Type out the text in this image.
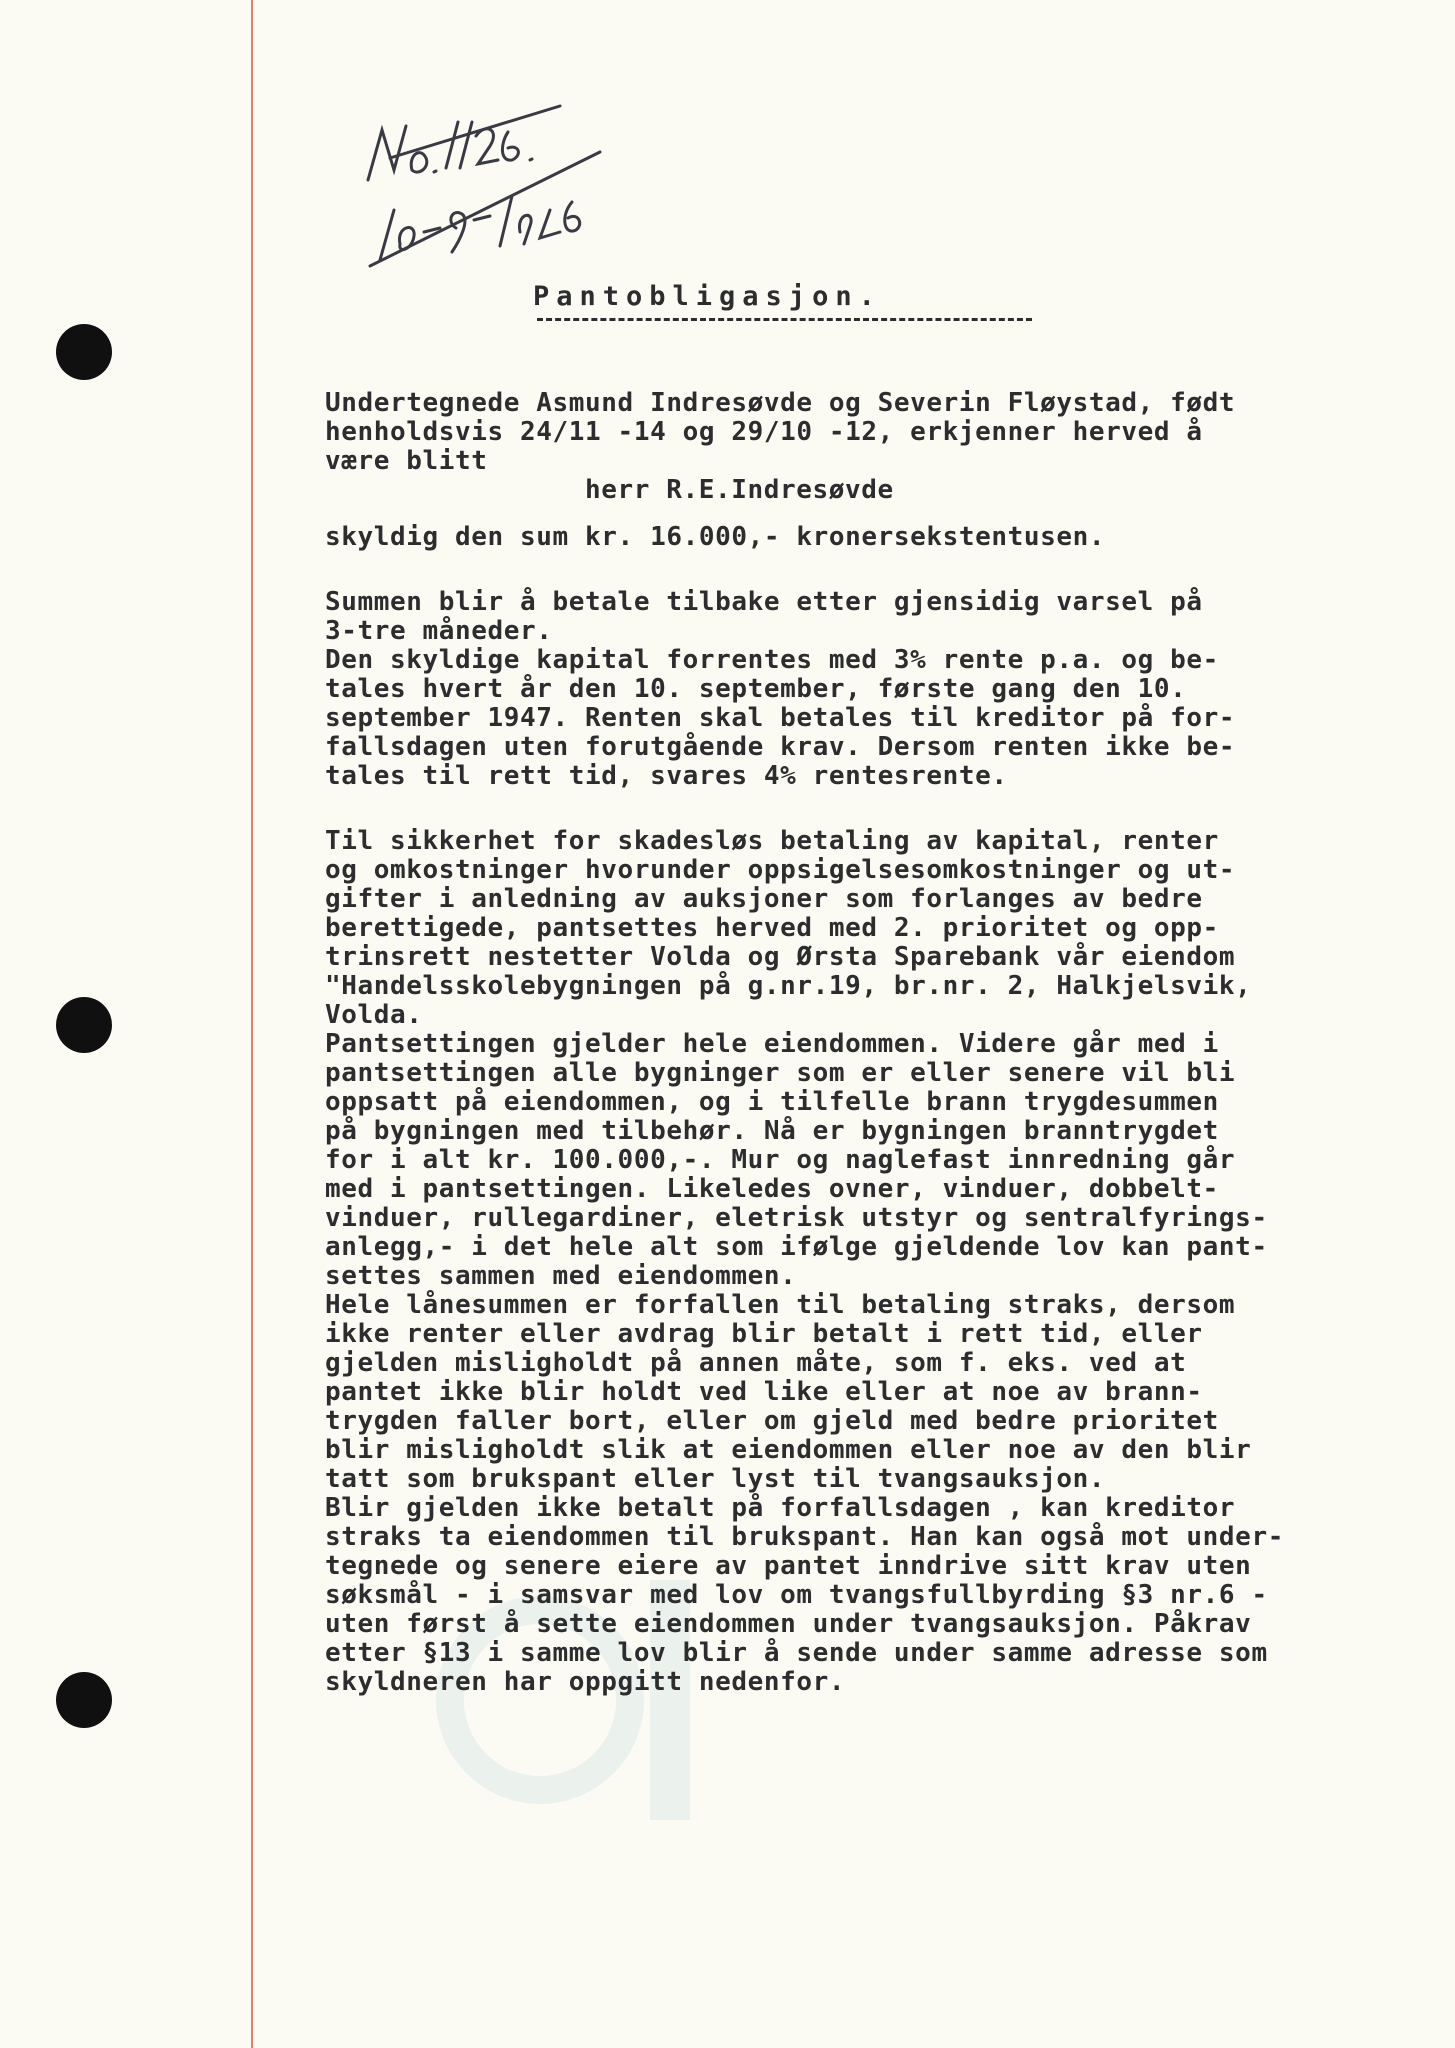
Pantobligasjon.
Undertegnede Asmund Indresøvde og Severin Fløystad, født
henholdsvis 24/11 -14 og 29/10 -12, erkjenner herved å
være blitt
herr R.E.Indresøvde
skyldig den sum kr. 16.000,- kronersekstentusen.
Summen blir å betale tilbake etter gjensidig varsel på
3-tre måneder.
Den skyldige kapital forrentes med 3% rente p.a. og be-
tales hvert år den 10. september, første gang den 10.
september 1947. Renten skal betales til kreditor på for-
fallsdagen uten forutgående krav. Dersom renten ikke be-
tales til rett tid, svares 4% rentesrente.
Til sikkerhet for skadesløs betaling av kapital, renter
og omkostninger hvorunder oppsigelsesomkostninger og ut-
gifter i anledning av auksjoner som forlanges av bedre
berettigede, pantsettes herved med 2. prioritet og opp-
trinsrett nestetter Volda og Ørsta Sparebank vår eiendom
"Handelsskolebygningen på g.nr.19, br.nr. 2, Halkjelsvik,
Volda.
Pantsettingen gjelder hele eiendommen. Videre går med i
pantsettingen alle bygninger som er eller senere vil bli
oppsatt på eiendommen, og i tilfelle brann trygdesummen
på bygningen med tilbehør. Nå er bygningen branntrygdet
for i alt kr. 100.000,-. Mur og naglefast innredning går
med i pantsettingen. Likeledes ovner, vinduer, dobbelt-
vinduer, rullegardiner, eletrisk utstyr og sentralfyrings-
anlegg,- i det hele alt som ifølge gjeldende lov kan pant-
settes sammen med eiendommen.
Hele lånesummen er forfallen til betaling straks, dersom
ikke renter eller avdrag blir betalt i rett tid, eller
gjelden misligholdt på annen måte, som f. eks. ved at
pantet ikke blir holdt ved like eller at noe av brann-
trygden faller bort, eller om gjeld med bedre prioritet
blir misligholdt slik at eiendommen eller noe av den blir
tatt som brukspant eller lyst til tvangsauksjon.
Blir gjelden ikke betalt på forfallsdagen , kan kreditor
straks ta eiendommen til brukspant. Han kan også mot under-
tegnede og senere eiere av pantet inndrive sitt krav uten
søksmål - i samsvar med lov om tvangsfullbyrding §3 nr.6 -
uten først å sette eiendommen under tvangsauksjon. Påkrav
etter §13 i samme lov blir å sende under samme adresse som
skyldneren har oppgitt nedenfor.
